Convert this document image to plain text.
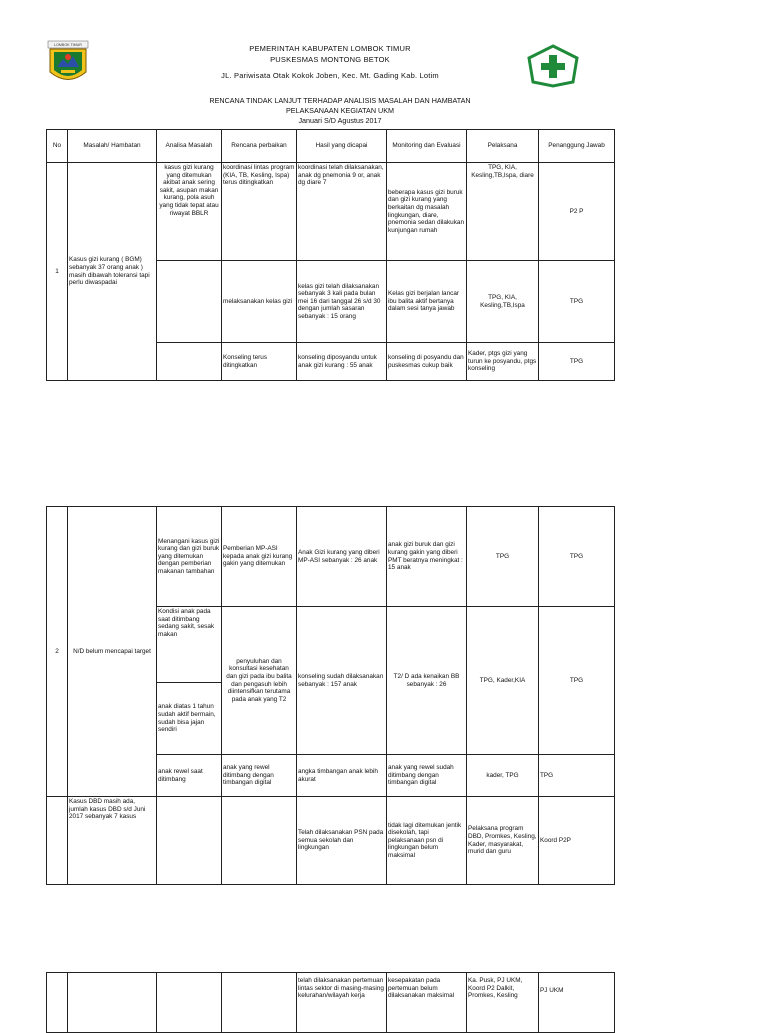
LOMBOK TIMUR	PEMERINTAH KABUPATEN LOMBOK TIMUR
PUSKESMAS MONTONG BETOK
JL. Pariwisata Otak Kokok Joben, Kec. Mt. Gading Kab. Lotim
RENCANA TINDAK LANJUT TERHADAP ANALISIS MASALAH DAN HAMBATAN
PELAKSANAAN KEGIATAN UKM
Januari S/D Agustus 2017
No	Masalah/ Hambatan	Analisa Masalah	Rencana perbaikan	Hasil yang dicapai	Monitoring dan Evaluasi	Pelaksana	Penanggung Jawab
1	Kasus gizi kurang ( BGM) sebanyak 37 orang anak ) masih dibawah toleransi tapi perlu diwaspadai	kasus gizi kurang yang ditemukan akibat anak sering sakit, asupan makan kurang, pola asuh yang tidak tepat atau riwayat BBLR	koordinasi lintas program (KIA, TB, Kesling, Ispa) terus ditingkatkan	koordinasi telah dilaksanakan, anak dg pnemonia 9 or, anak dg diare 7	beberapa kasus gizi buruk dan gizi kurang yang berkaitan dg masalah lingkungan, diare, pnemonia sedan dilakukan kunjungan rumah	TPG, KIA, Kesling,TB,Ispa, diare	P2 P
			melaksanakan kelas gizi	kelas gizi telah dilaksanakan sebanyak 3 kali pada bulan mei 16 dari tanggal 26 s/d 30 dengan jumlah sasaran sebanyak : 15 orang	Kelas gizi berjalan lancar ibu balita aktif bertanya dalam sesi tanya jawab	TPG, KIA, Kesling,TB,Ispa	TPG
			Konseling terus ditingkatkan	konseling diposyandu untuk anak gizi kurang : 55 anak	konseling di posyandu dan puskesmas cukup baik	Kader, ptgs gizi yang turun ke posyandu, ptgs konseling	TPG
2	N/D belum mencapai target	Menangani kasus gizi kurang dan gizi buruk yang ditemukan dengan pemberian makanan tambahan	Pemberian MP-ASI kepada anak gizi kurang gakin yang ditemukan	Anak Gizi kurang yang diberi MP-ASI sebanyak : 26 anak	anak gizi buruk dan gizi kurang gakin yang diberi PMT beratnya meningkat : 15 anak	TPG	TPG
		Kondisi anak pada saat ditimbang sedang sakit, sesak makan	penyuluhan dan konsultasi kesehatan dan gizi pada ibu balita dan pengasuh lebih diintensifkan terutama pada anak yang T2	konseling sudah dilaksanakan sebanyak : 157 anak	T2/ D ada kenaikan BB sebanyak : 26	TPG, Kader,KIA	TPG
		anak diatas 1 tahun sudah aktif bermain, sudah bisa jajan sendiri					
		anak rewel saat ditimbang	anak yang rewel ditimbang dengan timbangan digital	angka timbangan anak lebih akurat	anak yang rewel sudah ditimbang dengan timbangan digital	kader, TPG	TPG
	Kasus DBD masih ada, jumlah kasus DBD s/d Juni 2017 sebanyak 7 kasus			Telah dilaksanakan PSN pada semua sekolah dan lingkungan	tidak lagi ditemukan jentik disekolah, tapi pelaksanaan psn di lingkungan belum maksimal	Pelaksana program DBD, Promkes, Kesling, Kader, masyarakat, murid dan guru	Koord P2P
				telah dilaksanakan pertemuan lintas sektor di masing-masing kelurahan/wilayah kerja	kesepakatan pada pertemuan belum dilaksanakan maksimal	Ka. Pusk, PJ UKM, Koord P2 Dalkit, Promkes, Kesling	PJ UKM
